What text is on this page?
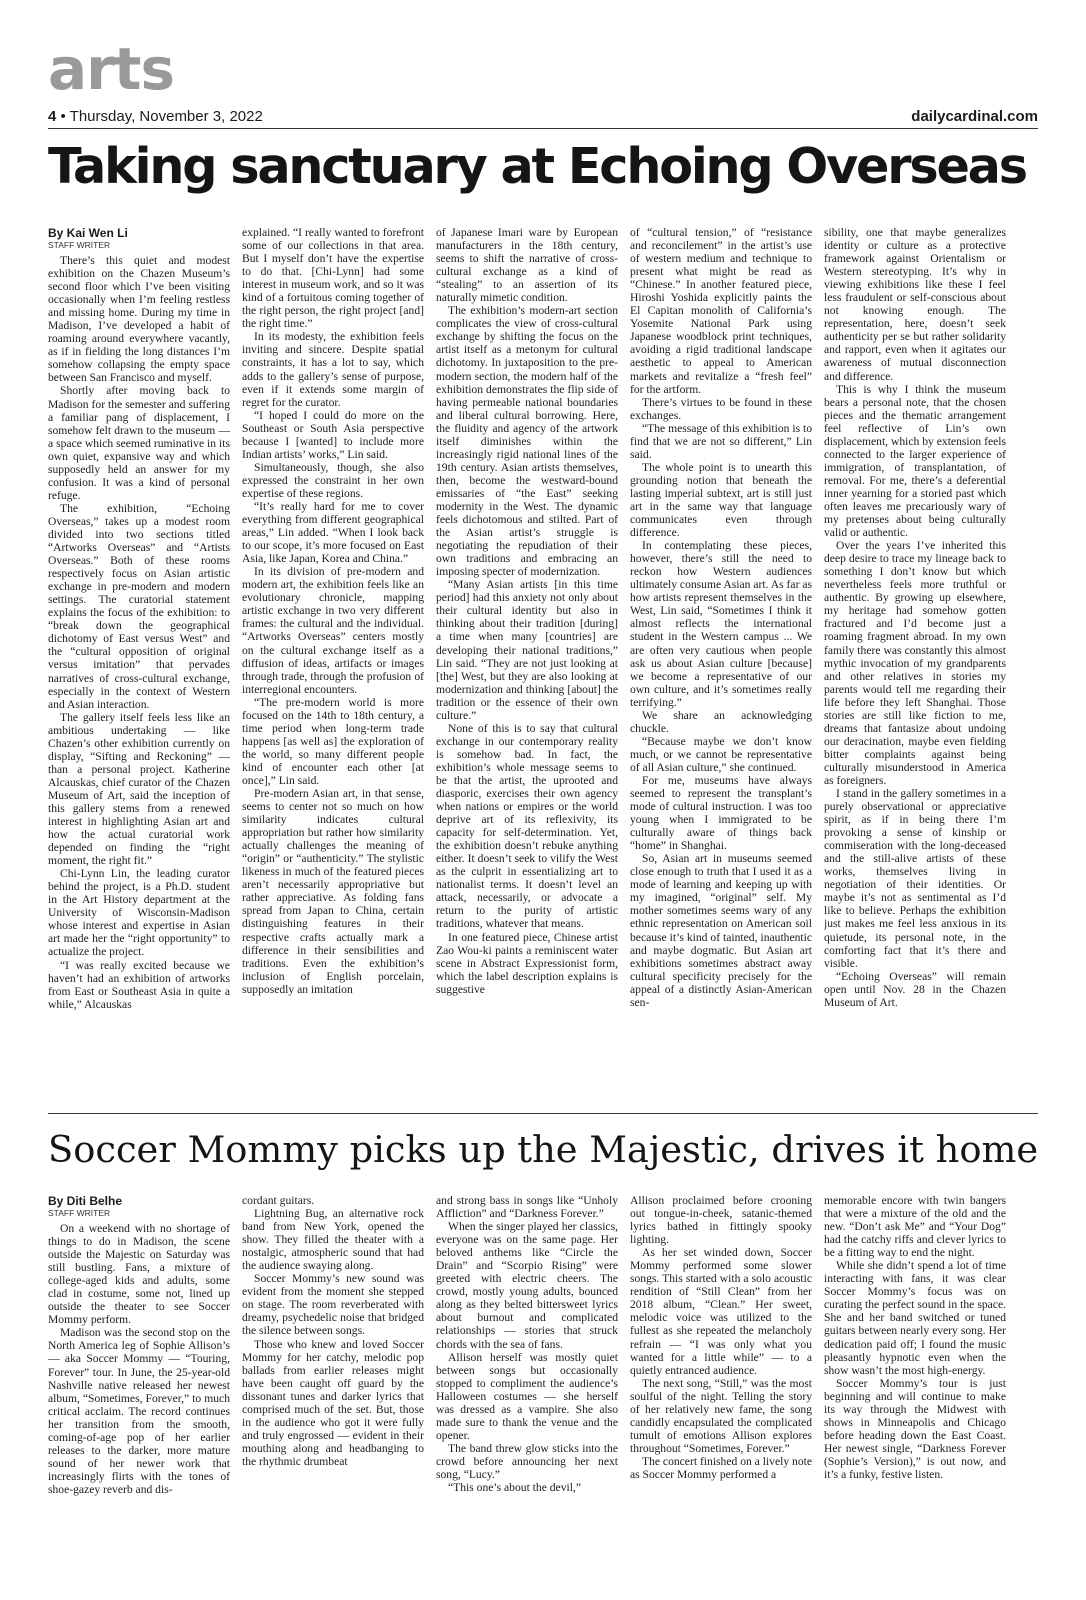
arts
4 • Thursday, November 3, 2022	dailycardinal.com
Taking sanctuary at Echoing Overseas
By Kai Wen Li
STAFF WRITER

There’s this quiet and modest exhibition on the Chazen Museum’s second floor which I’ve been visiting occasionally when I’m feeling restless and missing home. During my time in Madison, I’ve developed a habit of roaming around everywhere vacantly, as if in fielding the long distances I’m somehow collapsing the empty space between San Francisco and myself.

Shortly after moving back to Madison for the semester and suffering a familiar pang of displacement, I somehow felt drawn to the museum — a space which seemed ruminative in its own quiet, expansive way and which supposedly held an answer for my confusion. It was a kind of personal refuge.

The exhibition, “Echoing Overseas,” takes up a modest room divided into two sections titled “Artworks Overseas” and “Artists Overseas.” Both of these rooms respectively focus on Asian artistic exchange in pre-modern and modern settings. The curatorial statement explains the focus of the exhibition: to “break down the geographical dichotomy of East versus West” and the “cultural opposition of original versus imitation” that pervades narratives of cross-cultural exchange, especially in the context of Western and Asian interaction.

The gallery itself feels less like an ambitious undertaking — like Chazen’s other exhibition currently on display, “Sifting and Reckoning” — than a personal project. Katherine Alcauskas, chief curator of the Chazen Museum of Art, said the inception of this gallery stems from a renewed interest in highlighting Asian art and how the actual curatorial work depended on finding the “right moment, the right fit.”

Chi-Lynn Lin, the leading curator behind the project, is a Ph.D. student in the Art History department at the University of Wisconsin-Madison whose interest and expertise in Asian art made her the “right opportunity” to actualize the project.

“I was really excited because we haven’t had an exhibition of artworks from East or Southeast Asia in quite a while,” Alcauskas

explained. “I really wanted to forefront some of our collections in that area. But I myself don’t have the expertise to do that. [Chi-Lynn] had some interest in museum work, and so it was kind of a fortuitous coming together of the right person, the right project [and] the right time.”

In its modesty, the exhibition feels inviting and sincere. Despite spatial constraints, it has a lot to say, which adds to the gallery’s sense of purpose, even if it extends some margin of regret for the curator.

“I hoped I could do more on the Southeast or South Asia perspective because I [wanted] to include more Indian artists’ works,” Lin said.

Simultaneously, though, she also expressed the constraint in her own expertise of these regions.

“It’s really hard for me to cover everything from different geographical areas,” Lin added. “When I look back to our scope, it’s more focused on East Asia, like Japan, Korea and China.”

In its division of pre-modern and modern art, the exhibition feels like an evolutionary chronicle, mapping artistic exchange in two very different frames: the cultural and the individual. “Artworks Overseas” centers mostly on the cultural exchange itself as a diffusion of ideas, artifacts or images through trade, through the profusion of interregional encounters.

“The pre-modern world is more focused on the 14th to 18th century, a time period when long-term trade happens [as well as] the exploration of the world, so many different people kind of encounter each other [at once],” Lin said.

Pre-modern Asian art, in that sense, seems to center not so much on how similarity indicates cultural appropriation but rather how similarity actually challenges the meaning of “origin” or “authenticity.” The stylistic likeness in much of the featured pieces aren’t necessarily appropriative but rather appreciative. As folding fans spread from Japan to China, certain distinguishing features in their respective crafts actually mark a difference in their sensibilities and traditions. Even the exhibition’s inclusion of English porcelain, supposedly an imitation

of Japanese Imari ware by European manufacturers in the 18th century, seems to shift the narrative of cross-cultural exchange as a kind of “stealing” to an assertion of its naturally mimetic condition.

The exhibition’s modern-art section complicates the view of cross-cultural exchange by shifting the focus on the artist itself as a metonym for cultural dichotomy. In juxtaposition to the pre-modern section, the modern half of the exhibition demonstrates the flip side of having permeable national boundaries and liberal cultural borrowing. Here, the fluidity and agency of the artwork itself diminishes within the increasingly rigid national lines of the 19th century. Asian artists themselves, then, become the westward-bound emissaries of “the East” seeking modernity in the West. The dynamic feels dichotomous and stilted. Part of the Asian artist’s struggle is negotiating the repudiation of their own traditions and embracing an imposing specter of modernization.

“Many Asian artists [in this time period] had this anxiety not only about their cultural identity but also in thinking about their tradition [during] a time when many [countries] are developing their national traditions,” Lin said. “They are not just looking at [the] West, but they are also looking at modernization and thinking [about] the tradition or the essence of their own culture.”

None of this is to say that cultural exchange in our contemporary reality is somehow bad. In fact, the exhibition’s whole message seems to be that the artist, the uprooted and diasporic, exercises their own agency when nations or empires or the world deprive art of its reflexivity, its capacity for self-determination. Yet, the exhibition doesn’t rebuke anything either. It doesn’t seek to vilify the West as the culprit in essentializing art to nationalist terms. It doesn’t level an attack, necessarily, or advocate a return to the purity of artistic traditions, whatever that means.

In one featured piece, Chinese artist Zao Wou-ki paints a reminiscent water scene in Abstract Expressionist form, which the label description explains is suggestive

of “cultural tension,” of “resistance and reconcilement” in the artist’s use of western medium and technique to present what might be read as “Chinese.” In another featured piece, Hiroshi Yoshida explicitly paints the El Capitan monolith of California’s Yosemite National Park using Japanese woodblock print techniques, avoiding a rigid traditional landscape aesthetic to appeal to American markets and revitalize a “fresh feel” for the artform.

There’s virtues to be found in these exchanges.

“The message of this exhibition is to find that we are not so different,” Lin said.

The whole point is to unearth this grounding notion that beneath the lasting imperial subtext, art is still just art in the same way that language communicates even through difference.

In contemplating these pieces, however, there’s still the need to reckon how Western audiences ultimately consume Asian art. As far as how artists represent themselves in the West, Lin said, “Sometimes I think it almost reflects the international student in the Western campus ... We are often very cautious when people ask us about Asian culture [because] we become a representative of our own culture, and it’s sometimes really terrifying.”

We share an acknowledging chuckle.

“Because maybe we don’t know much, or we cannot be representative of all Asian culture,” she continued.

For me, museums have always seemed to represent the transplant’s mode of cultural instruction. I was too young when I immigrated to be culturally aware of things back “home” in Shanghai.

So, Asian art in museums seemed close enough to truth that I used it as a mode of learning and keeping up with my imagined, “original” self. My mother sometimes seems wary of any ethnic representation on American soil because it’s kind of tainted, inauthentic and maybe dogmatic. But Asian art exhibitions sometimes abstract away cultural specificity precisely for the appeal of a distinctly Asian-American sen-

sibility, one that maybe generalizes identity or culture as a protective framework against Orientalism or Western stereotyping. It’s why in viewing exhibitions like these I feel less fraudulent or self-conscious about not knowing enough. The representation, here, doesn’t seek authenticity per se but rather solidarity and rapport, even when it agitates our awareness of mutual disconnection and difference.

This is why I think the museum bears a personal note, that the chosen pieces and the thematic arrangement feel reflective of Lin’s own displacement, which by extension feels connected to the larger experience of immigration, of transplantation, of removal. For me, there’s a deferential inner yearning for a storied past which often leaves me precariously wary of my pretenses about being culturally valid or authentic.

Over the years I’ve inherited this deep desire to trace my lineage back to something I don’t know but which nevertheless feels more truthful or authentic. By growing up elsewhere, my heritage had somehow gotten fractured and I’d become just a roaming fragment abroad. In my own family there was constantly this almost mythic invocation of my grandparents and other relatives in stories my parents would tell me regarding their life before they left Shanghai. Those stories are still like fiction to me, dreams that fantasize about undoing our deracination, maybe even fielding bitter complaints against being culturally misunderstood in America as foreigners.

I stand in the gallery sometimes in a purely observational or appreciative spirit, as if in being there I’m provoking a sense of kinship or commiseration with the long-deceased and the still-alive artists of these works, themselves living in negotiation of their identities. Or maybe it’s not as sentimental as I’d like to believe. Perhaps the exhibition just makes me feel less anxious in its quietude, its personal note, in the comforting fact that it’s there and visible.

“Echoing Overseas” will remain open until Nov. 28 in the Chazen Museum of Art.

Soccer Mommy picks up the Majestic, drives it home
By Diti Belhe
STAFF WRITER

On a weekend with no shortage of things to do in Madison, the scene outside the Majestic on Saturday was still bustling. Fans, a mixture of college-aged kids and adults, some clad in costume, some not, lined up outside the theater to see Soccer Mommy perform.

Madison was the second stop on the North America leg of Sophie Allison’s — aka Soccer Mommy — “Touring, Forever” tour. In June, the 25-year-old Nashville native released her newest album, “Sometimes, Forever,” to much critical acclaim. The record continues her transition from the smooth, coming-of-age pop of her earlier releases to the darker, more mature sound of her newer work that increasingly flirts with the tones of shoe-gazey reverb and dis-

cordant guitars.

Lightning Bug, an alternative rock band from New York, opened the show. They filled the theater with a nostalgic, atmospheric sound that had the audience swaying along.

Soccer Mommy’s new sound was evident from the moment she stepped on stage. The room reverberated with dreamy, psychedelic noise that bridged the silence between songs.

Those who knew and loved Soccer Mommy for her catchy, melodic pop ballads from earlier releases might have been caught off guard by the dissonant tunes and darker lyrics that comprised much of the set. But, those in the audience who got it were fully and truly engrossed — evident in their mouthing along and headbanging to the rhythmic drumbeat

and strong bass in songs like “Unholy Affliction” and “Darkness Forever.”

When the singer played her classics, everyone was on the same page. Her beloved anthems like “Circle the Drain” and “Scorpio Rising” were greeted with electric cheers. The crowd, mostly young adults, bounced along as they belted bittersweet lyrics about burnout and complicated relationships — stories that struck chords with the sea of fans.

Allison herself was mostly quiet between songs but occasionally stopped to compliment the audience’s Halloween costumes — she herself was dressed as a vampire. She also made sure to thank the venue and the opener.

The band threw glow sticks into the crowd before announcing her next song, “Lucy.”

“This one’s about the devil,”

Allison proclaimed before crooning out tongue-in-cheek, satanic-themed lyrics bathed in fittingly spooky lighting.

As her set winded down, Soccer Mommy performed some slower songs. This started with a solo acoustic rendition of “Still Clean” from her 2018 album, “Clean.” Her sweet, melodic voice was utilized to the fullest as she repeated the melancholy refrain — “I was only what you wanted for a little while” — to a quietly entranced audience.

The next song, “Still,” was the most soulful of the night. Telling the story of her relatively new fame, the song candidly encapsulated the complicated tumult of emotions Allison explores throughout “Sometimes, Forever.”

The concert finished on a lively note as Soccer Mommy performed a

memorable encore with twin bangers that were a mixture of the old and the new. “Don’t ask Me” and “Your Dog” had the catchy riffs and clever lyrics to be a fitting way to end the night.

While she didn’t spend a lot of time interacting with fans, it was clear Soccer Mommy’s focus was on curating the perfect sound in the space. She and her band switched or tuned guitars between nearly every song. Her dedication paid off; I found the music pleasantly hypnotic even when the show wasn’t the most high-energy.

Soccer Mommy’s tour is just beginning and will continue to make its way through the Midwest with shows in Minneapolis and Chicago before heading down the East Coast. Her newest single, “Darkness Forever (Sophie’s Version),” is out now, and it’s a funky, festive listen.
